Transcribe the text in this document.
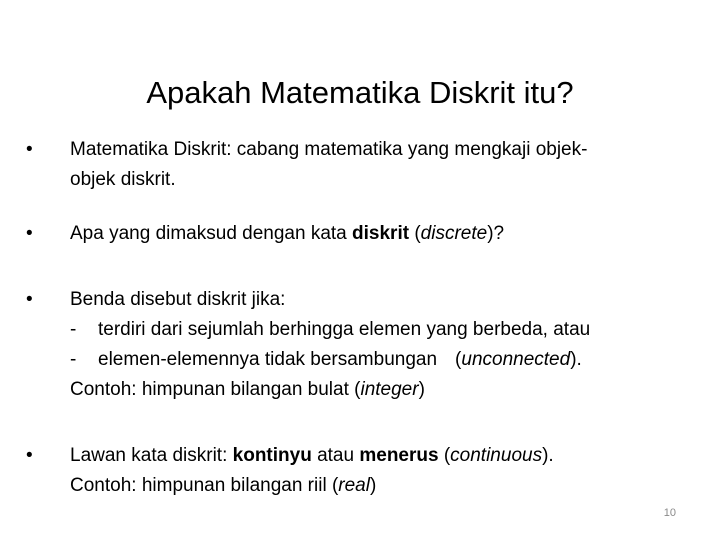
Apakah Matematika Diskrit itu?
•	Matematika Diskrit: cabang matematika yang mengkaji objek-
objek diskrit.
•	Apa yang dimaksud dengan kata diskrit (discrete)?
•	Benda disebut diskrit jika:
- terdiri dari sejumlah berhingga elemen yang berbeda, atau
- elemen-elemennya tidak bersambungan (unconnected).
Contoh: himpunan bilangan bulat (integer)
•	Lawan kata diskrit: kontinyu atau menerus (continuous).
Contoh: himpunan bilangan riil (real)
10
